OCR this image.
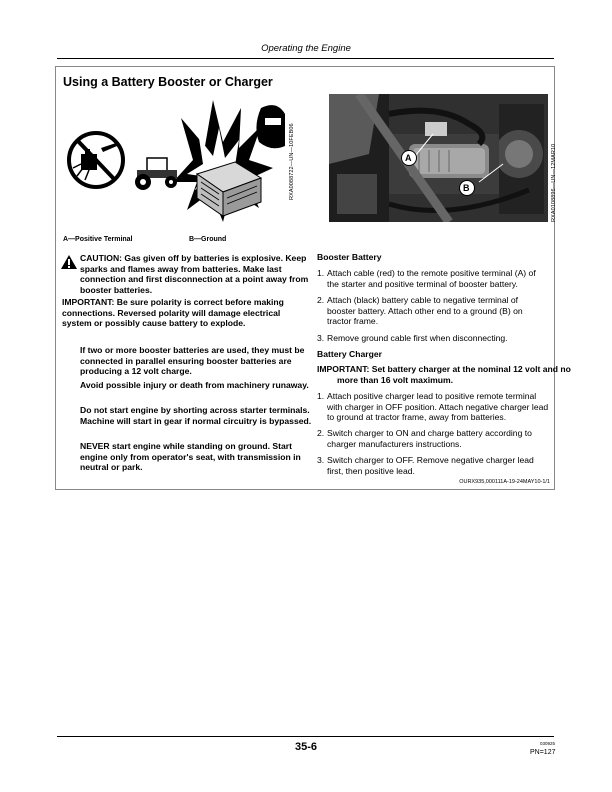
Operating the Engine
Using a Battery Booster or Charger
RXA0088722—UN—10FEB06	A
B	RXA0108896—UN—12MAR10
A—Positive Terminal	B—Ground
CAUTION: Gas given off by batteries is explosive. Keep sparks and flames away from batteries. Make last connection and first disconnection at a point away from booster batteries.
IMPORTANT: Be sure polarity is correct before making connections. Reversed polarity will damage electrical system or possibly cause battery to explode.
If two or more booster batteries are used, they must be connected in parallel ensuring booster batteries are producing a 12 volt charge.
Avoid possible injury or death from machinery runaway.
Do not start engine by shorting across starter terminals. Machine will start in gear if normal circuitry is bypassed.
NEVER start engine while standing on ground. Start engine only from operator's seat, with transmission in neutral or park.
Booster Battery
1. Attach cable (red) to the remote positive terminal (A) of the starter and positive terminal of booster battery.
2. Attach (black) battery cable to negative terminal of booster battery. Attach other end to a ground (B) on tractor frame.
3. Remove ground cable first when disconnecting.
Battery Charger
IMPORTANT: Set battery charger at the nominal 12 volt and no more than 16 volt maximum.
1. Attach positive charger lead to positive remote terminal with charger in OFF position. Attach negative charger lead to ground at tractor frame, away from batteries.
2. Switch charger to ON and charge battery according to charger manufacturers instructions.
3. Switch charger to OFF. Remove negative charger lead first, then positive lead.
OURX935,000111A-19-24MAY10-1/1
35-6	030925
PN=127
